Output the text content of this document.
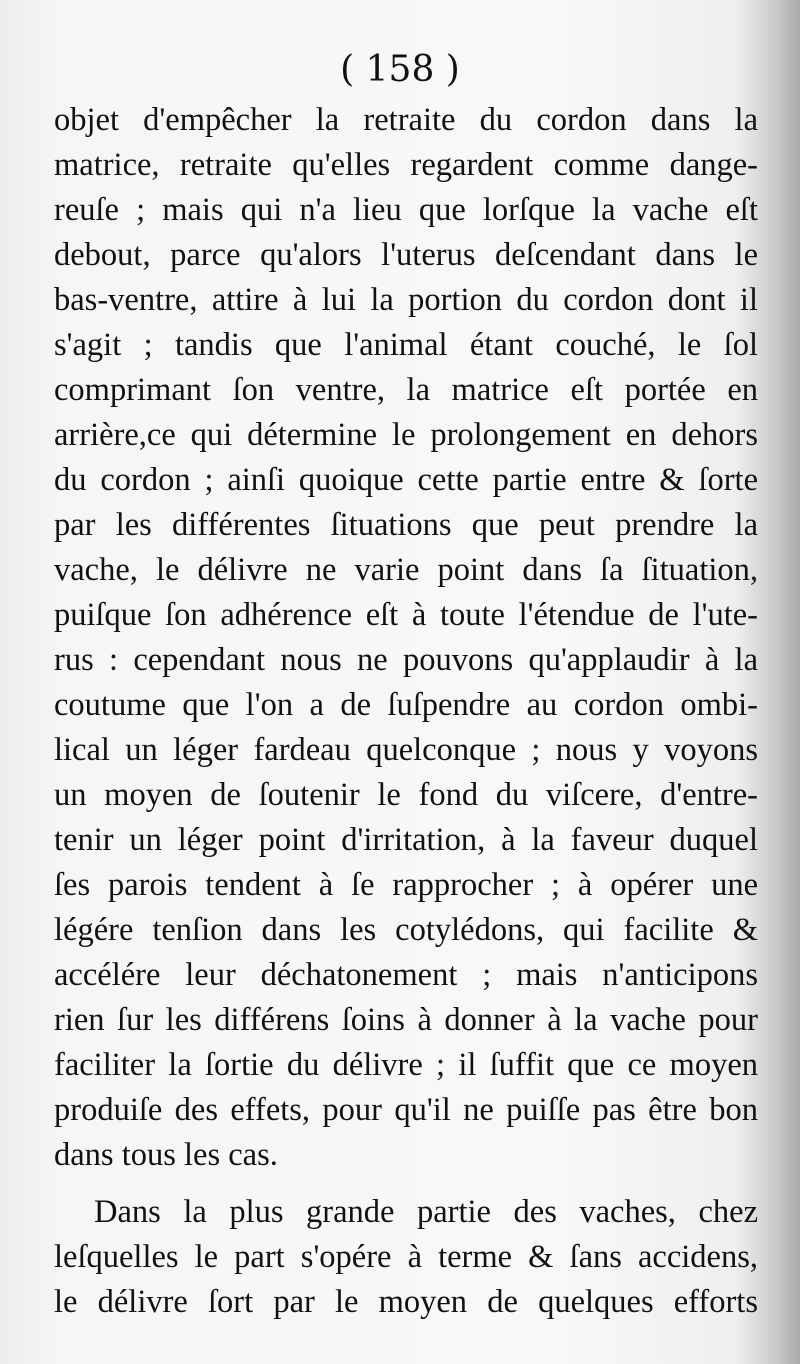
( 158 )
objet d'empêcher la retraite du cordon dans la
matrice, retraite qu'elles regardent comme dange-
reuſe ; mais qui n'a lieu que lorſque la vache eſt
debout, parce qu'alors l'uterus deſcendant dans le
bas-ventre, attire à lui la portion du cordon dont il
s'agit ; tandis que l'animal étant couché, le ſol
comprimant ſon ventre, la matrice eſt portée en
arrière,ce qui détermine le prolongement en dehors
du cordon ; ainſi quoique cette partie entre & ſorte
par les différentes ſituations que peut prendre la
vache, le délivre ne varie point dans ſa ſituation,
puiſque ſon adhérence eſt à toute l'étendue de l'ute-
rus : cependant nous ne pouvons qu'applaudir à la
coutume que l'on a de ſuſpendre au cordon ombi-
lical un léger fardeau quelconque ; nous y voyons
un moyen de ſoutenir le fond du viſcere, d'entre-
tenir un léger point d'irritation, à la faveur duquel
ſes parois tendent à ſe rapprocher ; à opérer une
légére tenſion dans les cotylédons, qui facilite &
accélére leur déchatonement ; mais n'anticipons
rien ſur les différens ſoins à donner à la vache pour
faciliter la ſortie du délivre ; il ſuffit que ce moyen
produiſe des effets, pour qu'il ne puiſſe pas être bon
dans tous les cas.
Dans la plus grande partie des vaches, chez
leſquelles le part s'opére à terme & ſans accidens,
le délivre ſort par le moyen de quelques efforts
